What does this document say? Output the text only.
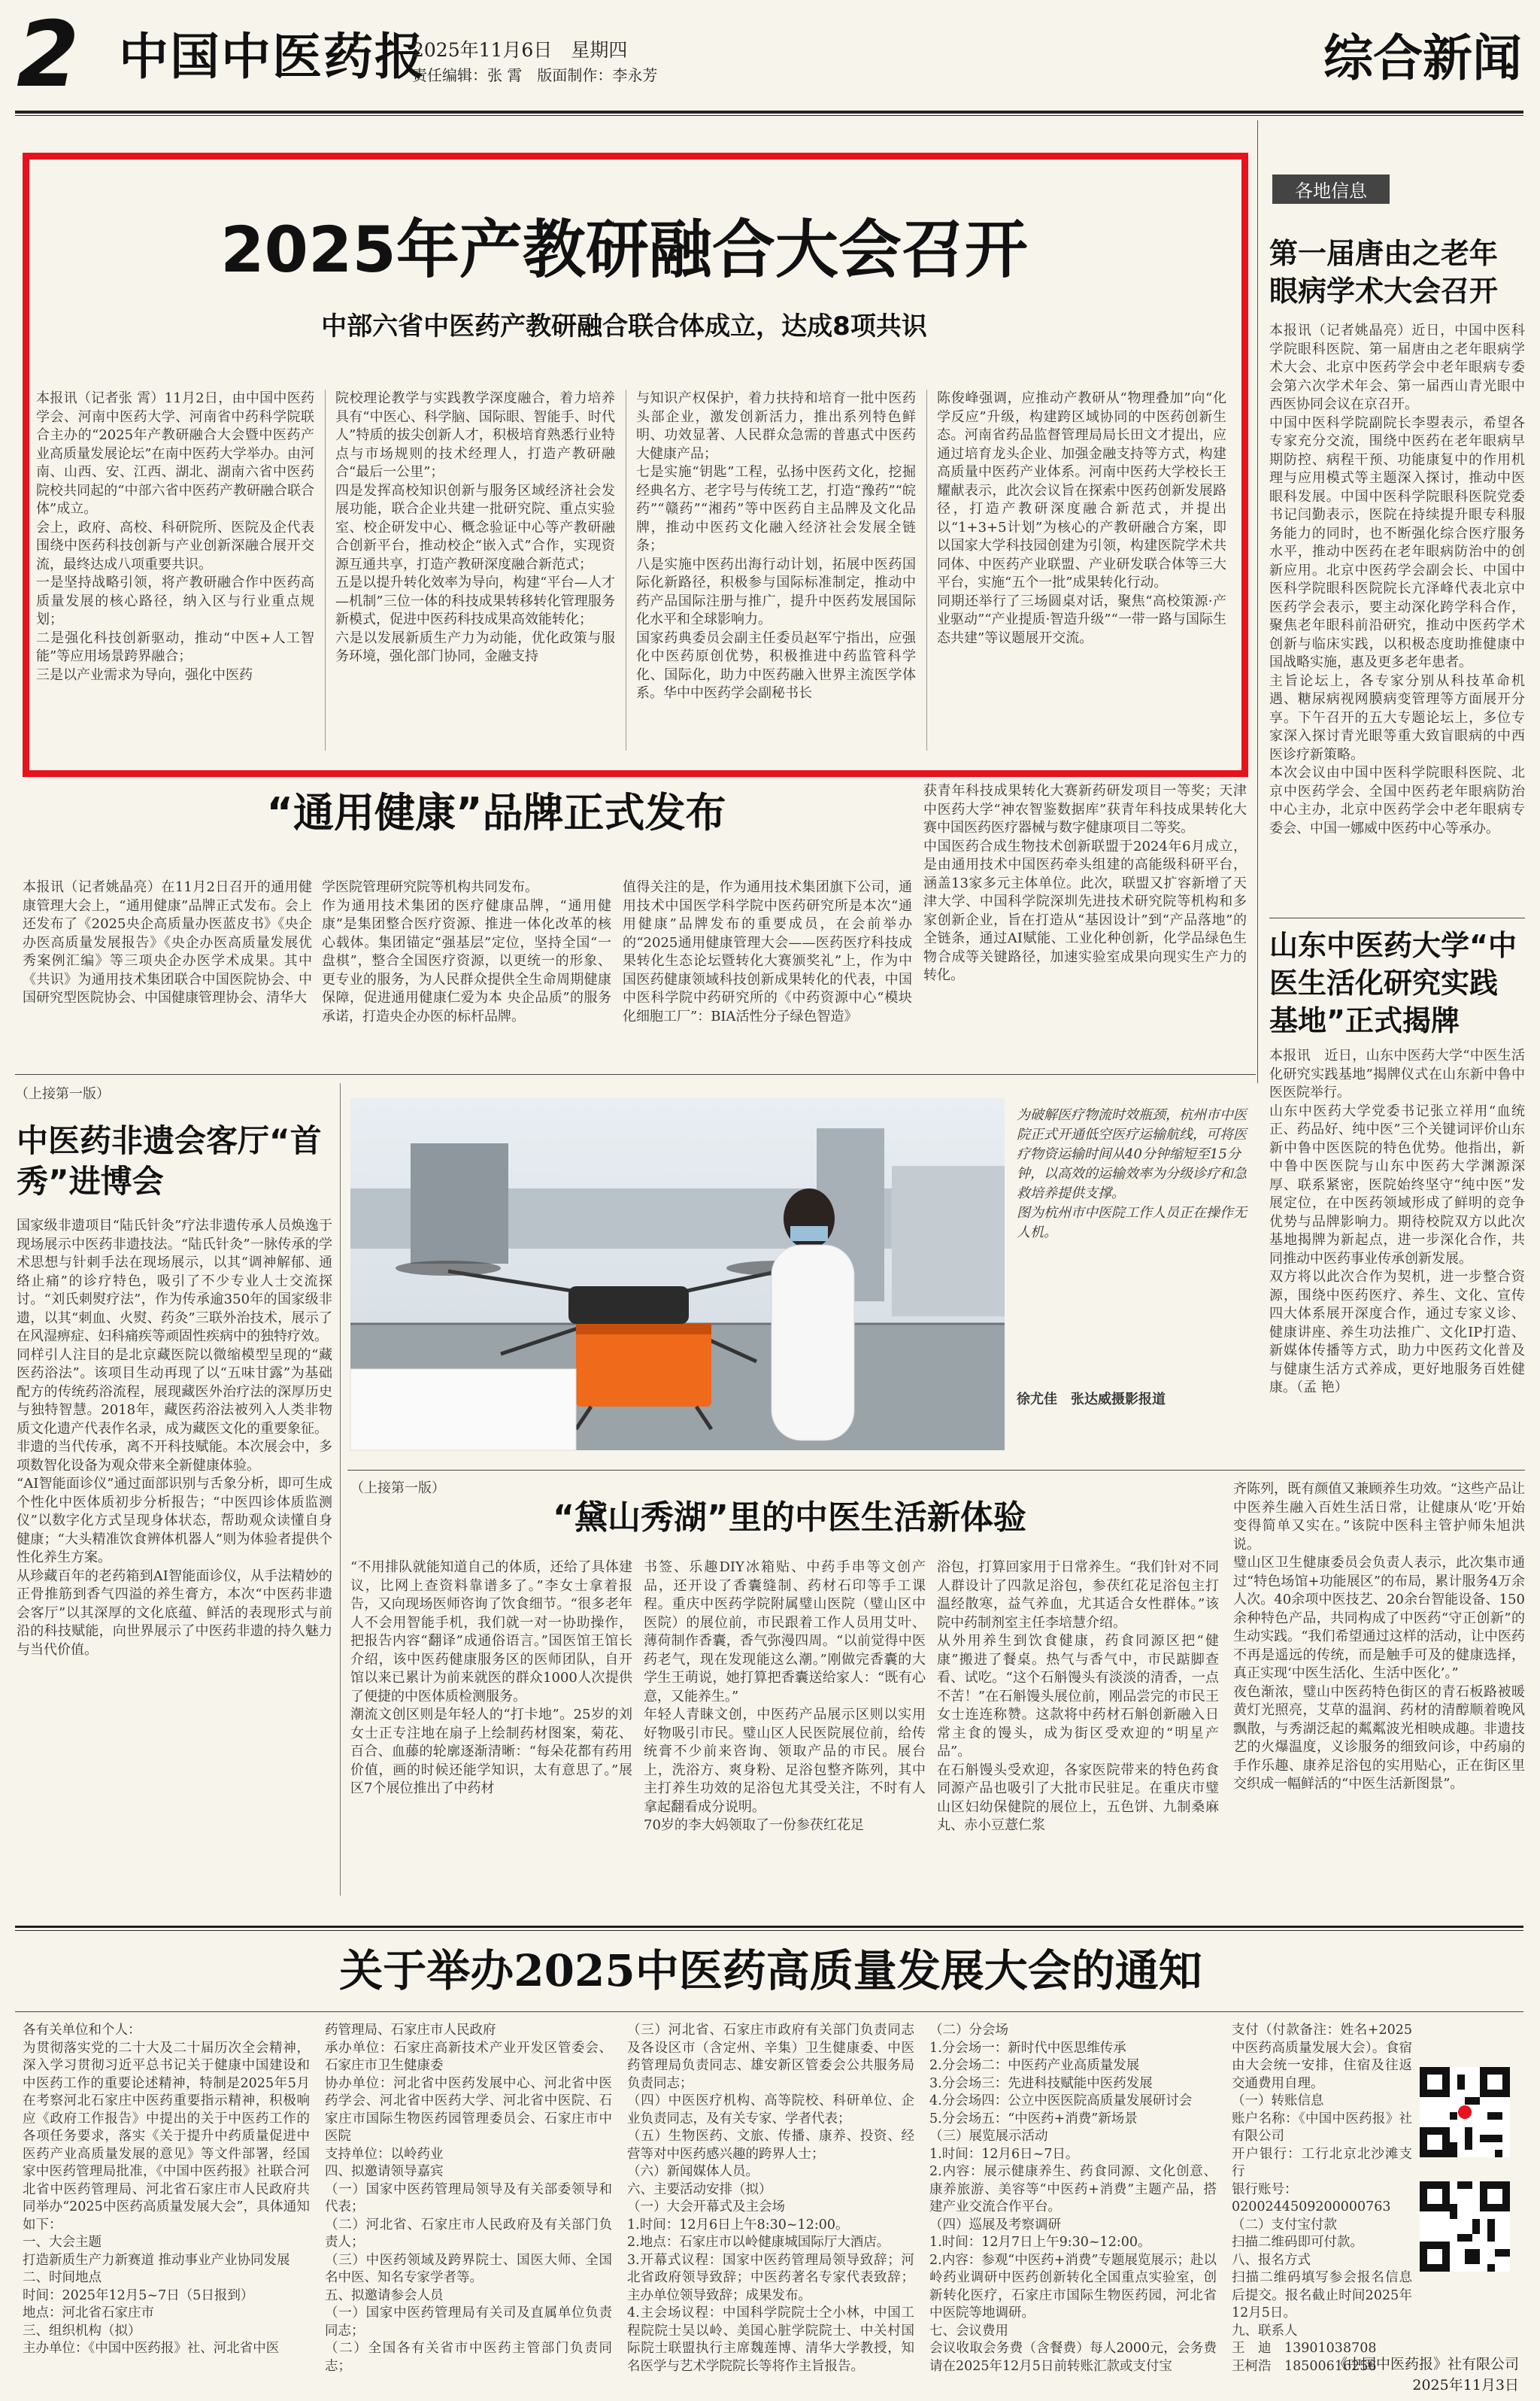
2 中国中医药报
2025年11月6日　星期四
责任编辑：张 霄　版面制作：李永芳	综合新闻
2025年产教研融合大会召开
中部六省中医药产教研融合联合体成立，达成8项共识
本报讯（记者张 霄）11月2日，由中国中医药学会、河南中医药大学、河南省中药科学院联合主办的“2025年产教研融合大会暨中医药产业高质量发展论坛”在南中医药大学举办。由河南、山西、安、江西、湖北、湖南六省中医药院校共同起的“中部六省中医药产教研融合联合体”成立。
会上，政府、高校、科研院所、医院及企代表围绕中医药科技创新与产业创新深融合展开交流，最终达成八项重要共识。
一是坚持战略引领，将产教研融合作中医药高质量发展的核心路径，纳入区与行业重点规划；
二是强化科技创新驱动，推动“中医+人工智能”等应用场景跨界融合；
三是以产业需求为导向，强化中医药
院校理论教学与实践教学深度融合，着力培养具有“中医心、科学脑、国际眼、智能手、时代人”特质的拔尖创新人才，积极培育熟悉行业特点与市场规则的技术经理人，打造产教研融合“最后一公里”；
四是发挥高校知识创新与服务区域经济社会发展功能，联合企业共建一批研究院、重点实验室、校企研发中心、概念验证中心等产教研融合创新平台，推动校企“嵌入式”合作，实现资源互通共享，打造产教研深度融合新范式；
五是以提升转化效率为导向，构建“平台—人才—机制”三位一体的科技成果转移转化管理服务新模式，促进中医药科技成果高效能转化；
六是以发展新质生产力为动能，优化政策与服务环境，强化部门协同，金融支持
与知识产权保护，着力扶持和培育一批中医药头部企业，激发创新活力，推出系列特色鲜明、功效显著、人民群众急需的普惠式中医药大健康产品；
七是实施“钥匙”工程，弘扬中医药文化，挖掘经典名方、老字号与传统工艺，打造“豫药”“皖药”“赣药”“湘药”等中医药自主品牌及文化品牌，推动中医药文化融入经济社会发展全链条；
八是实施中医药出海行动计划，拓展中医药国际化新路径，积极参与国际标准制定，推动中药产品国际注册与推广，提升中医药发展国际化水平和全球影响力。
国家药典委员会副主任委员赵军宁指出，应强化中医药原创优势，积极推进中药监管科学化、国际化，助力中医药融入世界主流医学体系。华中中医药学会副秘书长
陈俊峰强调，应推动产教研从“物理叠加”向“化学反应”升级，构建跨区域协同的中医药创新生态。河南省药品监督管理局局长田文才提出，应通过培育龙头企业、加强金融支持等方式，构建高质量中医药产业体系。河南中医药大学校长王耀献表示，此次会议旨在探索中医药创新发展路径，打造产教研深度融合新范式，并提出以“1+3+5计划”为核心的产教研融合方案，即以国家大学科技园创建为引领，构建医院学术共同体、中医药产业联盟、产业研发联合体等三大平台，实施“五个一批”成果转化行动。
同期还举行了三场圆桌对话，聚焦“高校策源·产业驱动”“产业提质·智造升级”“一带一路与国际生态共建”等议题展开交流。
各地信息
第一届唐由之老年眼病学术大会召开
本报讯（记者姚晶亮）近日，中国中医科学院眼科医院、第一届唐由之老年眼病学术大会、北京中医药学会中老年眼病专委会第六次学术年会、第一届西山青光眼中西医协同会议在京召开。
中国中医科学院副院长李曌表示，希望各专家充分交流，围绕中医药在老年眼病早期防控、病程干预、功能康复中的作用机理与应用模式等主题深入探讨，推动中医眼科发展。中国中医科学院眼科医院党委书记闫勤表示，医院在持续提升眼专科服务能力的同时，也不断强化综合医疗服务水平，推动中医药在老年眼病防治中的创新应用。北京中医药学会副会长、中国中医科学院眼科医院院长亢泽峰代表北京中医药学会表示，要主动深化跨学科合作，聚焦老年眼科前沿研究，推动中医药学术创新与临床实践，以积极态度助推健康中国战略实施，惠及更多老年患者。
主旨论坛上，各专家分别从科技革命机遇、糖尿病视网膜病变管理等方面展开分享。下午召开的五大专题论坛上，多位专家深入探讨青光眼等重大致盲眼病的中西医诊疗新策略。
本次会议由中国中医科学院眼科医院、北京中医药学会、全国中医药老年眼病防治中心主办，北京中医药学会中老年眼病专委会、中国一娜威中医药中心等承办。
山东中医药大学“中医生活化研究实践基地”正式揭牌
本报讯　近日，山东中医药大学“中医生活化研究实践基地”揭牌仪式在山东新中鲁中医医院举行。
山东中医药大学党委书记张立祥用“血统正、药品好、纯中医”三个关键词评价山东新中鲁中医医院的特色优势。他指出，新中鲁中医医院与山东中医药大学渊源深厚、联系紧密，医院始终坚守“纯中医”发展定位，在中医药领域形成了鲜明的竞争优势与品牌影响力。期待校院双方以此次基地揭牌为新起点，进一步深化合作，共同推动中医药事业传承创新发展。
双方将以此次合作为契机，进一步整合资源，围绕中医药医疗、养生、文化、宣传四大体系展开深度合作，通过专家义诊、健康讲座、养生功法推广、文化IP打造、新媒体传播等方式，助力中医药文化普及与健康生活方式养成，更好地服务百姓健康。（孟 艳）
“通用健康”品牌正式发布
本报讯（记者姚晶亮）在11月2日召开的通用健康管理大会上，“通用健康”品牌正式发布。会上还发布了《2025央企高质量办医蓝皮书》《央企办医高质量发展报告》《央企办医高质量发展优秀案例汇编》等三项央企办医学术成果。其中《共识》为通用技术集团联合中国医院协会、中国研究型医院协会、中国健康管理协会、清华大
学医院管理研究院等机构共同发布。
作为通用技术集团的医疗健康品牌，“通用健康”是集团整合医疗资源、推进一体化改革的核心载体。集团锚定“强基层”定位，坚持全国“一盘棋”，整合全国医疗资源，以更统一的形象、更专业的服务，为人民群众提供全生命周期健康保障，促进通用健康仁爱为本 央企品质”的服务承诺，打造央企办医的标杆品牌。
值得关注的是，作为通用技术集团旗下公司，通用技术中国医学科学院中医药研究所是本次“通用健康”品牌发布的重要成员，在会前举办的“2025通用健康管理大会——医药医疗科技成果转化生态论坛暨转化大赛颁奖礼”上，作为中国医药健康领域科技创新成果转化的代表，中国中医科学院中药研究所的《中药资源中心“模块化细胞工厂”：BIA活性分子绿色智造》
获青年科技成果转化大赛新药研发项目一等奖；天津中医药大学“神农智鉴数据库”获青年科技成果转化大赛中国医药医疗器械与数字健康项目二等奖。
中国医药合成生物技术创新联盟于2024年6月成立，是由通用技术中国医药牵头组建的高能级科研平台，涵盖13家多元主体单位。此次，联盟又扩容新增了天津大学、中国科学院深圳先进技术研究院等机构和多家创新企业，旨在打造从“基因设计”到“产品落地”的全链条，通过AI赋能、工业化种创新，化学品绿色生物合成等关键路径，加速实验室成果向现实生产力的转化。
（上接第一版）
中医药非遗会客厅“首秀”进博会
国家级非遗项目“陆氏针灸”疗法非遗传承人员焕逸于现场展示中医药非遗技法。“陆氏针灸”一脉传承的学术思想与针刺手法在现场展示，以其“调神解郁、通络止痛”的诊疗特色，吸引了不少专业人士交流探讨。“刘氏刺熨疗法”，作为传承逾350年的国家级非遗，以其“刺血、火熨、药灸”三联外治技术，展示了在风湿痹症、妇科痛疾等顽固性疾病中的独特疗效。
同样引人注目的是北京藏医院以微缩模型呈现的“藏医药浴法”。该项目生动再现了以“五味甘露”为基础配方的传统药浴流程，展现藏医外治疗法的深厚历史与独特智慧。2018年，藏医药浴法被列入人类非物质文化遗产代表作名录，成为藏医文化的重要象征。
非遗的当代传承，离不开科技赋能。本次展会中，多项数智化设备为观众带来全新健康体验。
“AI智能面诊仪”通过面部识别与舌象分析，即可生成个性化中医体质初步分析报告；“中医四诊体质监测仪”以数字化方式呈现身体状态，帮助观众读懂自身健康；“大头精准饮食辨体机器人”则为体验者提供个性化养生方案。
从珍藏百年的老药箱到AI智能面诊仪，从手法精妙的正骨推筋到香气四溢的养生膏方，本次“中医药非遗会客厅”以其深厚的文化底蕴、鲜活的表现形式与前沿的科技赋能，向世界展示了中医药非遗的持久魅力与当代价值。
为破解医疗物流时效瓶颈，杭州市中医院正式开通低空医疗运输航线，可将医疗物资运输时间从40分钟缩短至15分钟，以高效的运输效率为分级诊疗和急救培养提供支撑。
图为杭州市中医院工作人员正在操作无人机。
徐尤佳　张达威摄影报道
（上接第一版）
“黛山秀湖”里的中医生活新体验
“不用排队就能知道自己的体质，还给了具体建议，比网上查资料靠谱多了。”李女士拿着报告，又向现场医师咨询了饮食细节。“很多老年人不会用智能手机，我们就一对一协助操作，把报告内容“翻译”成通俗语言。”国医馆王馆长介绍，该中医药健康服务区的医师团队，自开馆以来已累计为前来就医的群众1000人次提供了便捷的中医体质检测服务。
潮流文创区则是年轻人的“打卡地”。25岁的刘女士正专注地在扇子上绘制药材图案，菊花、百合、血藤的轮廓逐渐清晰：“每朵花都有药用价值，画的时候还能学知识，太有意思了。”展区7个展位推出了中药材
书签、乐趣DIY冰箱贴、中药手串等文创产品，还开设了香囊缝制、药材石印等手工课程。重庆中医药学院附属璧山医院（璧山区中医院）的展位前，市民跟着工作人员用艾叶、薄荷制作香囊，香气弥漫四周。“以前觉得中医药老气，现在发现能这么潮。”刚做完香囊的大学生王萌说，她打算把香囊送给家人：“既有心意，又能养生。”
年轻人青睐文创，中医药产品展示区则以实用好物吸引市民。璧山区人民医院展位前，给传统膏不少前来咨询、领取产品的市民。展台上，洗浴方、爽身粉、足浴包整齐陈列，其中主打养生功效的足浴包尤其受关注，不时有人拿起翻看成分说明。
70岁的李大妈领取了一份参茯红花足
浴包，打算回家用于日常养生。“我们针对不同人群设计了四款足浴包，参茯红花足浴包主打温经散寒，益气养血，尤其适合女性群体。”该院中药制剂室主任李培慧介绍。
从外用养生到饮食健康，药食同源区把“健康”搬进了餐桌。热气与香气中，市民踮脚查看、试吃。“这个石斛馒头有淡淡的清香，一点不苦！”在石斛馒头展位前，刚品尝完的市民王女士连连称赞。这款将中药材石斛创新融入日常主食的馒头，成为街区受欢迎的“明星产品”。
在石斛馒头受欢迎，各家医院带来的特色药食同源产品也吸引了大批市民驻足。在重庆市璧山区妇幼保健院的展位上，五色饼、九制桑麻丸、赤小豆薏仁浆
齐陈列，既有颜值又兼顾养生功效。“这些产品让中医养生融入百姓生活日常，让健康从‘吃’开始变得简单又实在。”该院中医科主管护师朱旭洪说。
璧山区卫生健康委员会负责人表示，此次集市通过“特色场馆+功能展区”的布局，累计服务4万余人次。40余项中医技艺、20余台智能设备、150余种特色产品，共同构成了中医药“守正创新”的生动实践。“我们希望通过这样的活动，让中医药不再是遥远的传统，而是触手可及的健康选择，真正实现‘中医生活化、生活中医化’。”
夜色渐浓，璧山中医药特色街区的青石板路被暖黄灯光照亮，艾草的温润、药材的清醇顺着晚风飘散，与秀湖泛起的粼粼波光相映成趣。非遗技艺的火爆温度，义诊服务的细致问诊，中药扇的手作乐趣、康养足浴包的实用贴心，正在街区里交织成一幅鲜活的“中医生活新图景”。
关于举办2025中医药高质量发展大会的通知
各有关单位和个人：
为贯彻落实党的二十大及二十届历次全会精神，深入学习贯彻习近平总书记关于健康中国建设和中医药工作的重要论述精神，特制是2025年5月在考察河北石家庄中医药重要指示精神，积极响应《政府工作报告》中提出的关于中医药工作的各项任务要求，落实《关于提升中药质量促进中医药产业高质量发展的意见》等文件部署，经国家中医药管理局批准，《中国中医药报》社联合河北省中医药管理局、河北省石家庄市人民政府共同举办“2025中医药高质量发展大会”，具体通知如下：
一、大会主题
打造新质生产力新赛道 推动事业产业协同发展
二、时间地点
时间：2025年12月5~7日（5日报到）
地点：河北省石家庄市
三、组织机构（拟）
主办单位：《中国中医药报》社、河北省中医
药管理局、石家庄市人民政府
承办单位：石家庄高新技术产业开发区管委会、石家庄市卫生健康委
协办单位：河北省中医药发展中心、河北省中医药学会、河北省中医药大学、河北省中医院、石家庄市国际生物医药园管理委员会、石家庄市中医院
支持单位：以岭药业
四、拟邀请领导嘉宾
（一）国家中医药管理局领导及有关部委领导和代表；
（二）河北省、石家庄市人民政府及有关部门负责人；
（三）中医药领域及跨界院士、国医大师、全国名中医、知名专家学者等。
五、拟邀请参会人员
（一）国家中医药管理局有关司及直属单位负责同志；
（二）全国各有关省市中医药主管部门负责同志；
（三）河北省、石家庄市政府有关部门负责同志及各设区市（含定州、辛集）卫生健康委、中医药管理局负责同志、雄安新区管委会公共服务局负责同志；
（四）中医医疗机构、高等院校、科研单位、企业负责同志，及有关专家、学者代表；
（五）生物医药、文旅、传播、康养、投资、经营等对中医药感兴趣的跨界人士；
（六）新闻媒体人员。
六、主要活动安排（拟）
（一）大会开幕式及主会场
1.时间：12月6日上午8:30~12:00。
2.地点：石家庄市以岭健康城国际厅大酒店。
3.开幕式议程：国家中医药管理局领导致辞；河北省政府领导致辞；中医药著名专家代表致辞；主办单位领导致辞；成果发布。
4.主会场议程：中国科学院院士仝小林，中国工程院院士吴以岭、美国心脏学院院士、中关村国际院士联盟执行主席魏莲博、清华大学教授，知名医学与艺术学院院长等将作主旨报告。
（二）分会场
1.分会场一：新时代中医思维传承
2.分会场二：中医药产业高质量发展
3.分会场三：先进科技赋能中医药发展
4.分会场四：公立中医医院高质量发展研讨会
5.分会场五：“中医药+消费”新场景
（三）展览展示活动
1.时间：12月6日~7日。
2.内容：展示健康养生、药食同源、文化创意、康养旅游、美容等“中医药+消费”主题产品，搭建产业交流合作平台。
（四）巡展及考察调研
1.时间：12月7日上午9:30~12:00。
2.内容：参观“中医药+消费”专题展览展示；赴以岭药业调研中医药创新转化全国重点实验室，创新转化医疗，石家庄市国际生物医药园，河北省中医院等地调研。
七、会议费用
会议收取会务费（含餐费）每人2000元，会务费请在2025年12月5日前转账汇款或支付宝
支付（付款备注：姓名+2025中医药高质量发展大会）。食宿由大会统一安排，住宿及往返交通费用自理。
（一）转账信息
账户名称：《中国中医药报》社有限公司
开户银行：工行北京北沙滩支行
银行账号：
0200244509200000763
（二）支付宝付款
扫描二维码即可付款。
八、报名方式
扫描二维码填写参会报名信息后提交。报名截止时间2025年12月5日。
九、联系人
王　迪　13901038708
王柯浩　18500616256
《中国中医药报》社有限公司
2025年11月3日
